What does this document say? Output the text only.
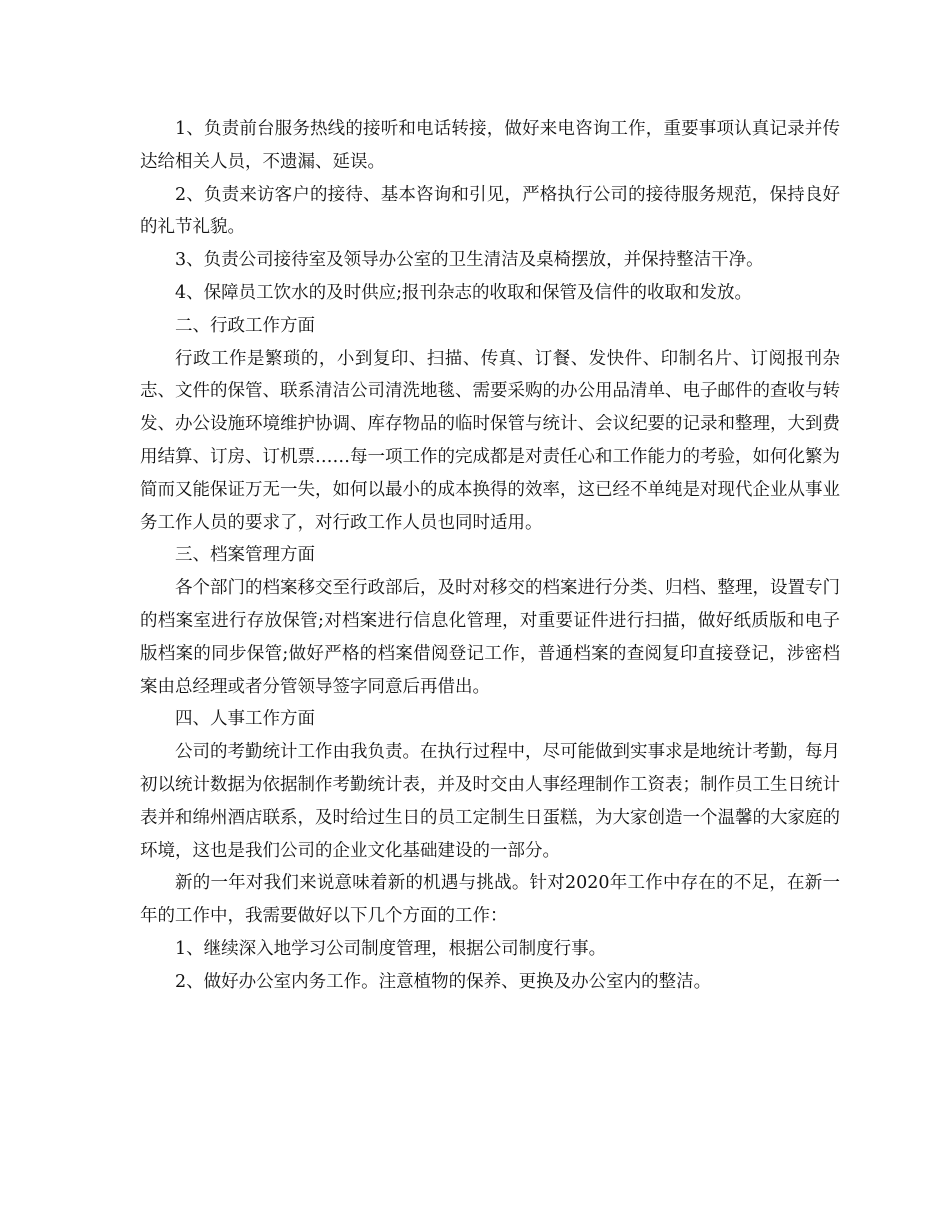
1、负责前台服务热线的接听和电话转接，做好来电咨询工作，重要事项认真记录并传达给相关人员，不遗漏、延误。

2、负责来访客户的接待、基本咨询和引见，严格执行公司的接待服务规范，保持良好的礼节礼貌。

3、负责公司接待室及领导办公室的卫生清洁及桌椅摆放，并保持整洁干净。

4、保障员工饮水的及时供应;报刊杂志的收取和保管及信件的收取和发放。

二、行政工作方面

行政工作是繁琐的，小到复印、扫描、传真、订餐、发快件、印制名片、订阅报刊杂志、文件的保管、联系清洁公司清洗地毯、需要采购的办公用品清单、电子邮件的查收与转发、办公设施环境维护协调、库存物品的临时保管与统计、会议纪要的记录和整理，大到费用结算、订房、订机票……每一项工作的完成都是对责任心和工作能力的考验，如何化繁为简而又能保证万无一失，如何以最小的成本换得的效率，这已经不单纯是对现代企业从事业务工作人员的要求了，对行政工作人员也同时适用。

三、档案管理方面

各个部门的档案移交至行政部后，及时对移交的档案进行分类、归档、整理，设置专门的档案室进行存放保管;对档案进行信息化管理，对重要证件进行扫描，做好纸质版和电子版档案的同步保管;做好严格的档案借阅登记工作，普通档案的查阅复印直接登记，涉密档案由总经理或者分管领导签字同意后再借出。

四、人事工作方面

公司的考勤统计工作由我负责。在执行过程中，尽可能做到实事求是地统计考勤，每月初以统计数据为依据制作考勤统计表，并及时交由人事经理制作工资表；制作员工生日统计表并和绵州酒店联系，及时给过生日的员工定制生日蛋糕，为大家创造一个温馨的大家庭的环境，这也是我们公司的企业文化基础建设的一部分。

新的一年对我们来说意味着新的机遇与挑战。针对2020年工作中存在的不足，在新一年的工作中，我需要做好以下几个方面的工作：

1、继续深入地学习公司制度管理，根据公司制度行事。

2、做好办公室内务工作。注意植物的保养、更换及办公室内的整洁。
